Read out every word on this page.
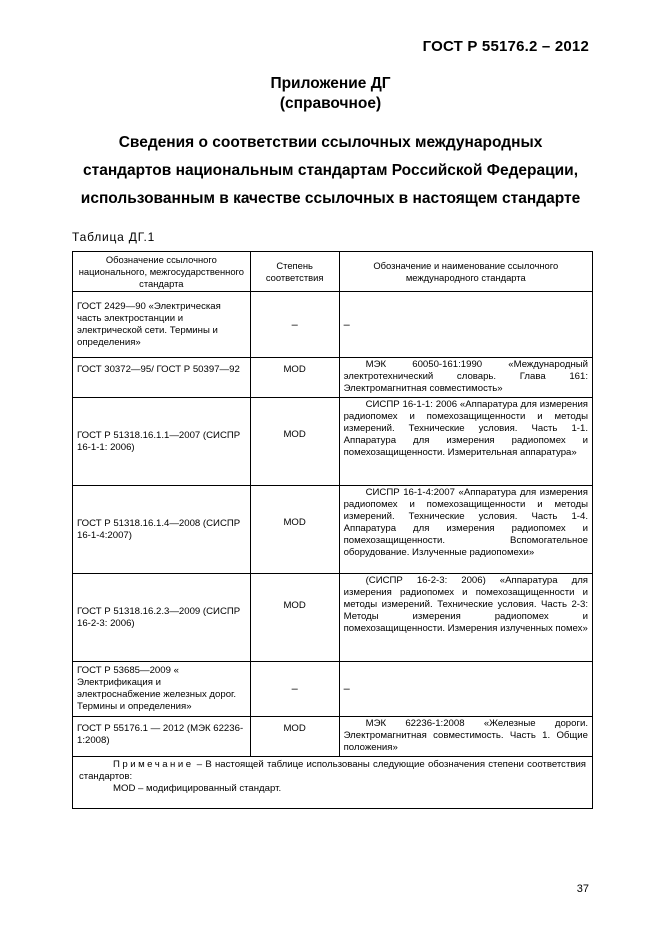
ГОСТ Р 55176.2 – 2012
Приложение ДГ
(справочное)
Сведения о соответствии ссылочных международных
стандартов национальным стандартам Российской Федерации,
использованным в качестве ссылочных в настоящем стандарте
Таблица ДГ.1
Обозначение ссылочного национального, межгосударственного стандарта	Степень соответствия	Обозначение и наименование ссылочного международного стандарта
ГОСТ 2429—90 «Электрическая часть электростанции и электрической сети. Термины и определения»	–	–
ГОСТ 30372—95/ ГОСТ Р 50397—92	MOD	МЭК 60050-161:1990 «Международный электротехнический словарь. Глава 161: Электромагнитная совместимость»
ГОСТ Р 51318.16.1.1—2007 (СИСПР 16-1-1: 2006)	MOD	СИСПР 16-1-1: 2006 «Аппаратура для измерения радиопомех и помехозащищенности и методы измерений. Технические условия. Часть 1-1. Аппаратура для измерения радиопомех и помехозащищенности. Измерительная аппаратура»
ГОСТ Р 51318.16.1.4—2008 (СИСПР 16-1-4:2007)	MOD	СИСПР 16-1-4:2007 «Аппаратура для измерения радиопомех и помехозащищенности и методы измерений. Технические условия. Часть 1-4. Аппаратура для измерения радиопомех и помехозащищенности. Вспомогательное оборудование. Излученные радиопомехи»
ГОСТ Р 51318.16.2.3—2009 (СИСПР 16-2-3: 2006)	MOD	(СИСПР 16-2-3: 2006) «Аппаратура для измерения радиопомех и помехозащищенности и методы измерений. Технические условия. Часть 2-3: Методы измерения радиопомех и помехозащищенности. Измерения излученных помех»
ГОСТ Р 53685—2009 « Электрификация и электроснабжение железных дорог. Термины и определения»	–	–
ГОСТ Р 55176.1 — 2012 (МЭК 62236-1:2008)	MOD	МЭК 62236-1:2008 «Железные дороги. Электромагнитная совместимость. Часть 1. Общие положения»
Примечание – В настоящей таблице использованы следующие обозначения степени соответствия стандартов:
MOD – модифицированный стандарт.		
37
